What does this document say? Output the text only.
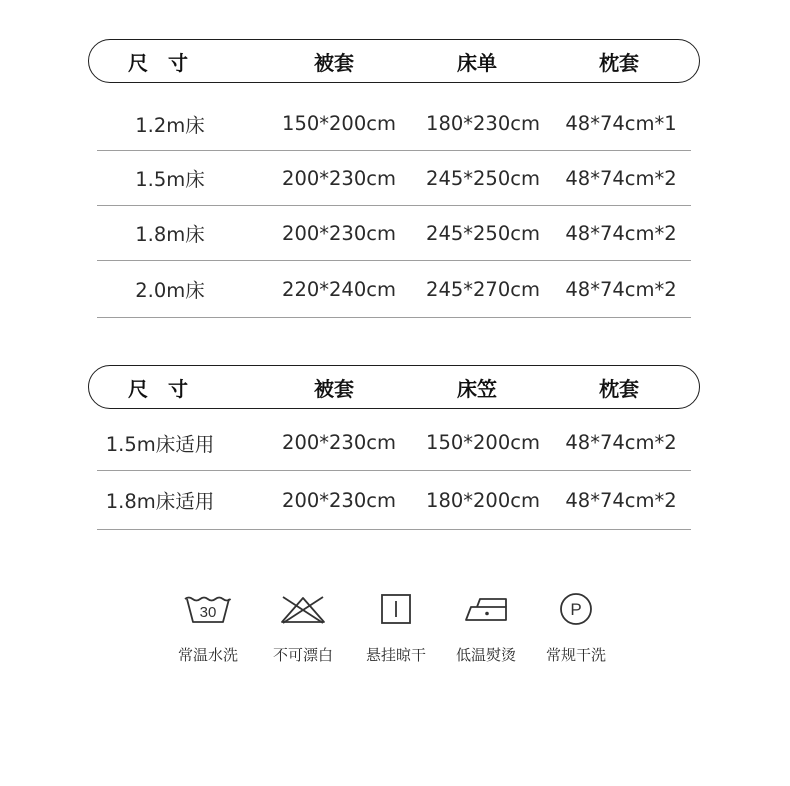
尺　寸	被套	床单	枕套
1.2m床	150*200cm 180*230cm 48*74cm*1
1.5m床	200*230cm 245*250cm 48*74cm*2
1.8m床	200*230cm 245*250cm 48*74cm*2
2.0m床	220*240cm 245*270cm 48*74cm*2
尺　寸	被套	床笠	枕套
1.5m床适用	200*230cm 150*200cm 48*74cm*2
1.8m床适用	200*230cm 180*200cm 48*74cm*2
30
常温水洗	不可漂白	悬挂晾干	低温熨烫
P
常规干洗
